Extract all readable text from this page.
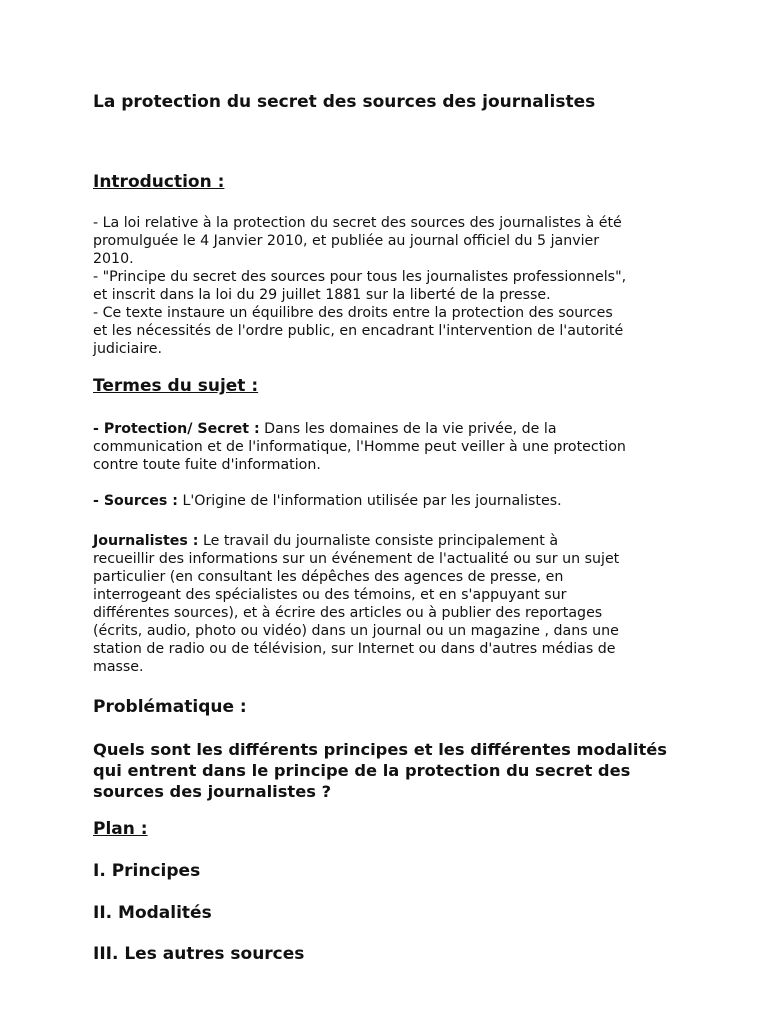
La protection du secret des sources des journalistes
Introduction :
- La loi relative à la protection du secret des sources des journalistes à été
promulguée le 4 Janvier 2010, et publiée au journal officiel du 5 janvier
2010.
- "Principe du secret des sources pour tous les journalistes professionnels",
et inscrit dans la loi du 29 juillet 1881 sur la liberté de la presse.
- Ce texte instaure un équilibre des droits entre la protection des sources
et les nécessités de l'ordre public, en encadrant l'intervention de l'autorité
judiciaire.
Termes du sujet :
- Protection/ Secret : Dans les domaines de la vie privée, de la
communication et de l'informatique, l'Homme peut veiller à une protection
contre toute fuite d'information.
- Sources : L'Origine de l'information utilisée par les journalistes.
Journalistes : Le travail du journaliste consiste principalement à
recueillir des informations sur un événement de l'actualité ou sur un sujet
particulier (en consultant les dépêches des agences de presse, en
interrogeant des spécialistes ou des témoins, et en s'appuyant sur
différentes sources), et à écrire des articles ou à publier des reportages
(écrits, audio, photo ou vidéo) dans un journal ou un magazine , dans une
station de radio ou de télévision, sur Internet ou dans d'autres médias de
masse.
Problématique :
Quels sont les différents principes et les différentes modalités
qui entrent dans le principe de la protection du secret des
sources des journalistes ?
Plan :
I. Principes
II. Modalités
III. Les autres sources
